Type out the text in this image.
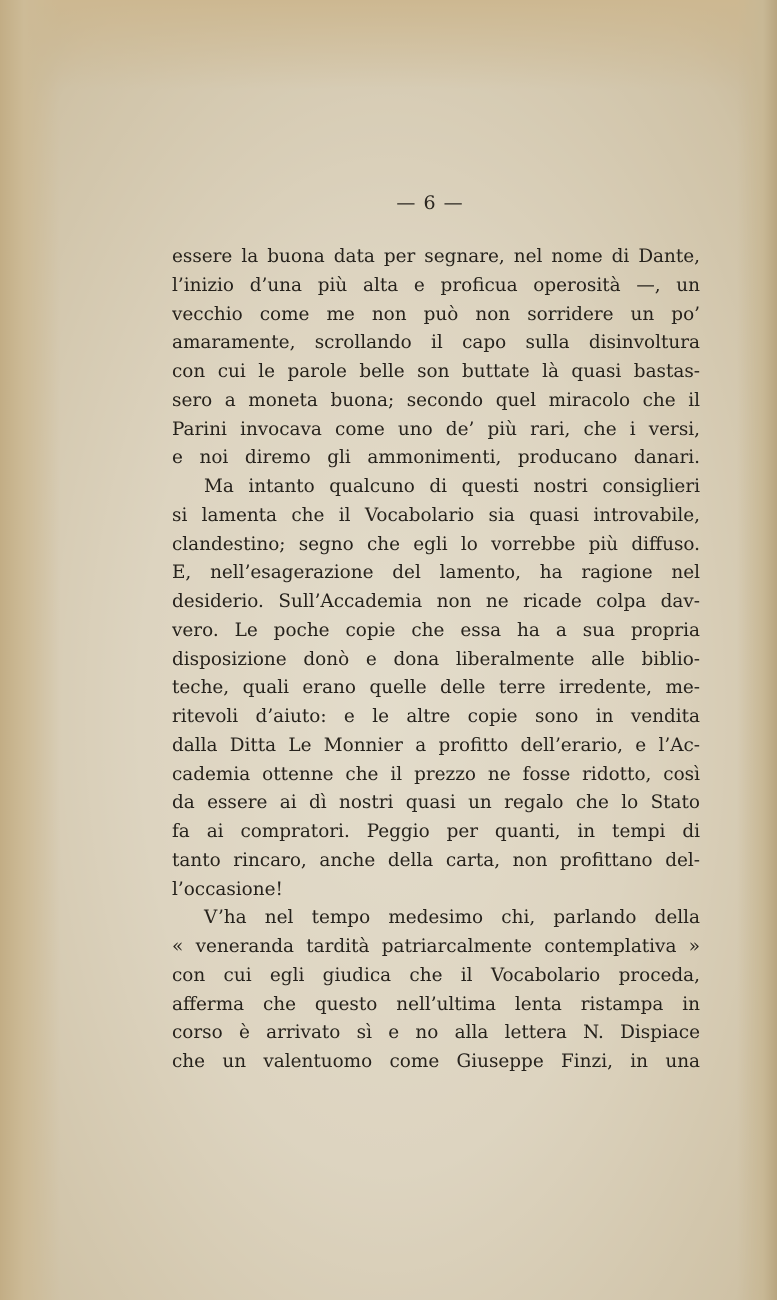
— 6 —
essere la buona data per segnare, nel nome di Dante,
l’inizio d’una più alta e proficua operosità —, un
vecchio come me non può non sorridere un po’
amaramente, scrollando il capo sulla disinvoltura
con cui le parole belle son buttate là quasi bastas-
sero a moneta buona; secondo quel miracolo che il
Parini invocava come uno de’ più rari, che i versi,
e noi diremo gli ammonimenti, producano danari.
Ma intanto qualcuno di questi nostri consiglieri
si lamenta che il Vocabolario sia quasi introvabile,
clandestino; segno che egli lo vorrebbe più diffuso.
E, nell’esagerazione del lamento, ha ragione nel
desiderio. Sull’Accademia non ne ricade colpa dav-
vero. Le poche copie che essa ha a sua propria
disposizione donò e dona liberalmente alle biblio-
teche, quali erano quelle delle terre irredente, me-
ritevoli d’aiuto: e le altre copie sono in vendita
dalla Ditta Le Monnier a profitto dell’erario, e l’Ac-
cademia ottenne che il prezzo ne fosse ridotto, così
da essere ai dì nostri quasi un regalo che lo Stato
fa ai compratori. Peggio per quanti, in tempi di
tanto rincaro, anche della carta, non profittano del-
l’occasione!
V’ha nel tempo medesimo chi, parlando della
« veneranda tardità patriarcalmente contemplativa »
con cui egli giudica che il Vocabolario proceda,
afferma che questo nell’ultima lenta ristampa in
corso è arrivato sì e no alla lettera N. Dispiace
che un valentuomo come Giuseppe Finzi, in una
